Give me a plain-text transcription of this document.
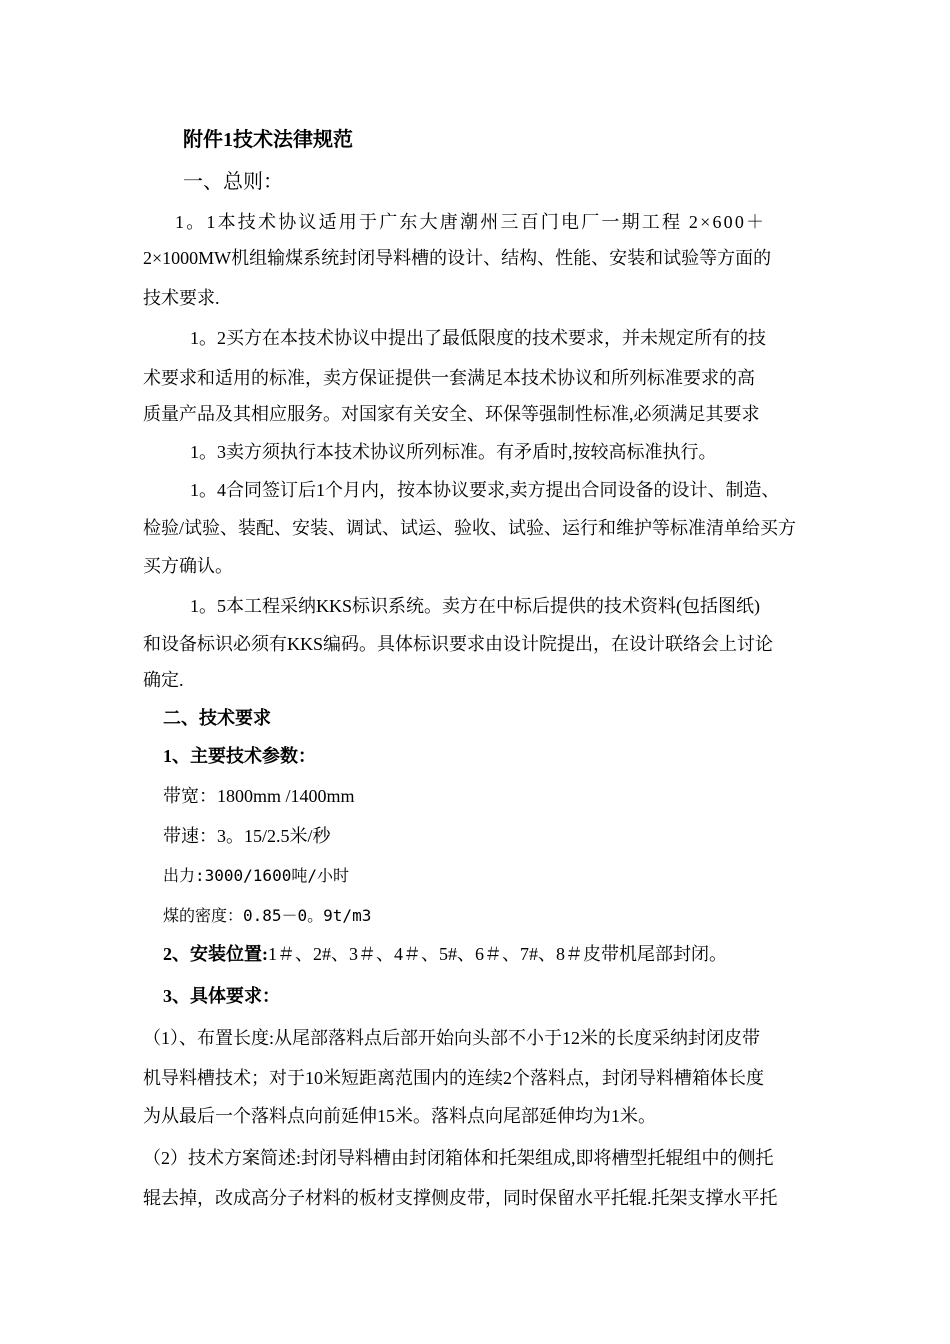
附件1技术法律规范
一、总则：
1。1本技术协议适用于广东大唐潮州三百门电厂一期工程 2×600＋
2×1000MW机组输煤系统封闭导料槽的设计、结构、性能、安装和试验等方面的
技术要求.
1。2买方在本技术协议中提出了最低限度的技术要求，并未规定所有的技
术要求和适用的标准，卖方保证提供一套满足本技术协议和所列标准要求的高
质量产品及其相应服务。对国家有关安全、环保等强制性标准,必须满足其要求
1。3卖方须执行本技术协议所列标准。有矛盾时,按较高标准执行。
1。4合同签订后1个月内，按本协议要求,卖方提出合同设备的设计、制造、
检验/试验、装配、安装、调试、试运、验收、试验、运行和维护等标准清单给买方
买方确认。
1。5本工程采纳KKS标识系统。卖方在中标后提供的技术资料(包括图纸)
和设备标识必须有KKS编码。具体标识要求由设计院提出，在设计联络会上讨论
确定.
二、技术要求
1、主要技术参数：
带宽：1800mm /1400mm
带速：3。15/2.5米/秒
出力:3000/1600吨/小时
煤的密度：0.85－0。9t/m3
2、安装位置:1＃、2#、3＃、4＃、5#、6＃、7#、8＃皮带机尾部封闭。
3、具体要求：
（1）、布置长度:从尾部落料点后部开始向头部不小于12米的长度采纳封闭皮带
机导料槽技术；对于10米短距离范围内的连续2个落料点，封闭导料槽箱体长度
为从最后一个落料点向前延伸15米。落料点向尾部延伸均为1米。
（2）技术方案简述:封闭导料槽由封闭箱体和托架组成,即将槽型托辊组中的侧托
辊去掉，改成高分子材料的板材支撑侧皮带，同时保留水平托辊.托架支撑水平托
